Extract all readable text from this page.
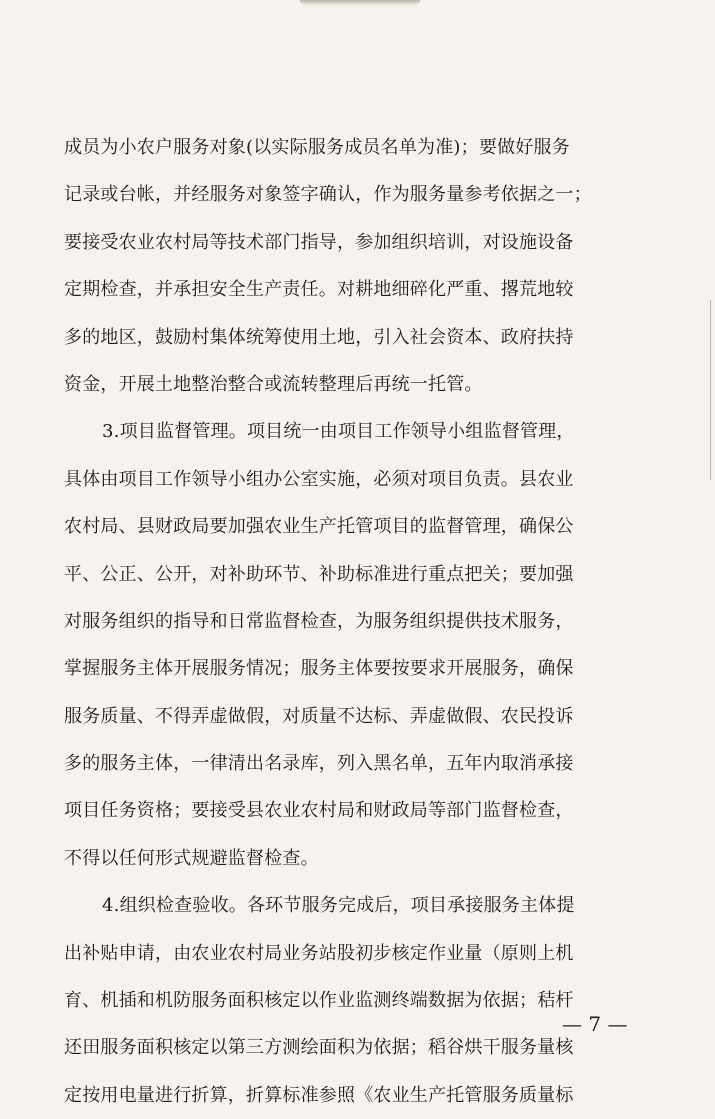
成员为小农户服务对象(以实际服务成员名单为准)；要做好服务
记录或台帐，并经服务对象签字确认，作为服务量参考依据之一；
要接受农业农村局等技术部门指导，参加组织培训，对设施设备
定期检查，并承担安全生产责任。对耕地细碎化严重、撂荒地较
多的地区，鼓励村集体统筹使用土地，引入社会资本、政府扶持
资金，开展土地整治整合或流转整理后再统一托管。
3.项目监督管理。项目统一由项目工作领导小组监督管理，
具体由项目工作领导小组办公室实施，必须对项目负责。县农业
农村局、县财政局要加强农业生产托管项目的监督管理，确保公
平、公正、公开，对补助环节、补助标准进行重点把关；要加强
对服务组织的指导和日常监督检查，为服务组织提供技术服务，
掌握服务主体开展服务情况；服务主体要按要求开展服务，确保
服务质量、不得弄虚做假，对质量不达标、弄虚做假、农民投诉
多的服务主体，一律清出名录库，列入黑名单，五年内取消承接
项目任务资格；要接受县农业农村局和财政局等部门监督检查，
不得以任何形式规避监督检查。
4.组织检查验收。各环节服务完成后，项目承接服务主体提
出补贴申请，由农业农村局业务站股初步核定作业量（原则上机
育、机插和机防服务面积核定以作业监测终端数据为依据；秸杆
还田服务面积核定以第三方测绘面积为依据；稻谷烘干服务量核
定按用电量进行折算，折算标准参照《农业生产托管服务质量标
— 7 —
